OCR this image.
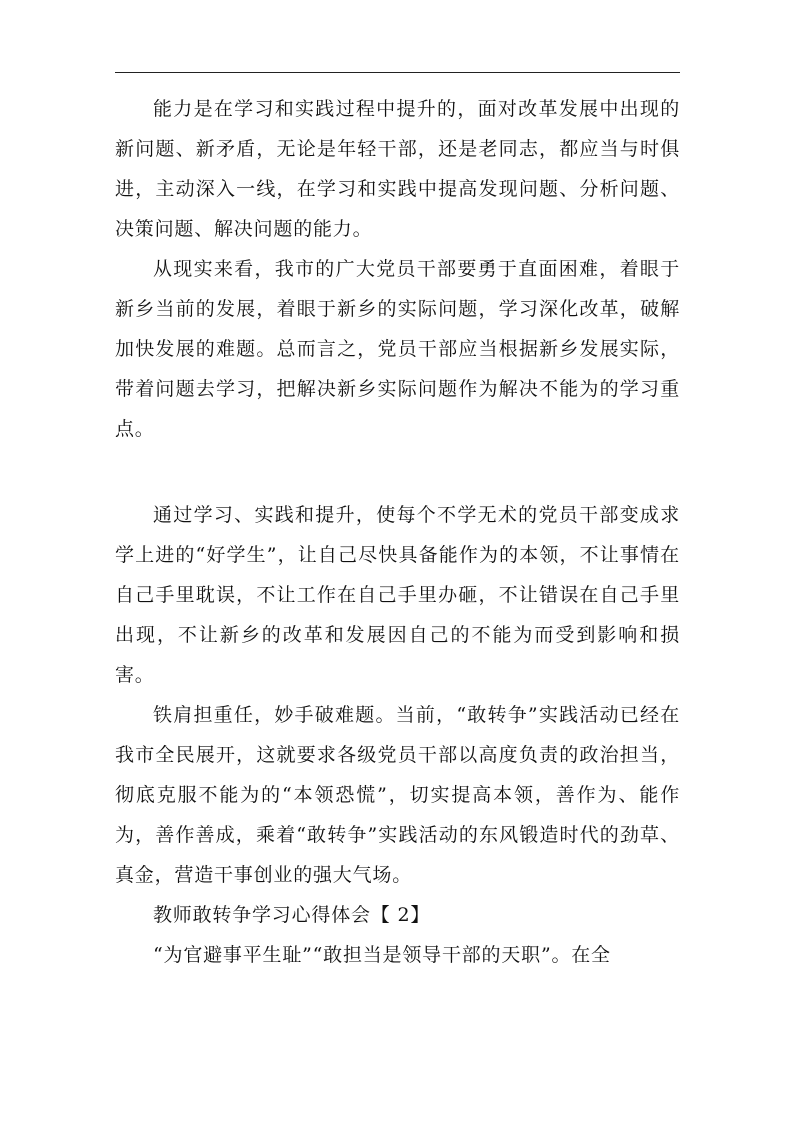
能力是在学习和实践过程中提升的，面对改革发展中出现的新问题、新矛盾，无论是年轻干部，还是老同志，都应当与时俱进，主动深入一线，在学习和实践中提高发现问题、分析问题、决策问题、解决问题的能力。

从现实来看，我市的广大党员干部要勇于直面困难，着眼于新乡当前的发展，着眼于新乡的实际问题，学习深化改革，破解加快发展的难题。总而言之，党员干部应当根据新乡发展实际，带着问题去学习，把解决新乡实际问题作为解决不能为的学习重点。

通过学习、实践和提升，使每个不学无术的党员干部变成求学上进的“好学生”，让自己尽快具备能作为的本领，不让事情在自己手里耽误，不让工作在自己手里办砸，不让错误在自己手里出现，不让新乡的改革和发展因自己的不能为而受到影响和损害。

铁肩担重任，妙手破难题。当前，“敢转争”实践活动已经在我市全民展开，这就要求各级党员干部以高度负责的政治担当，彻底克服不能为的“本领恐慌”，切实提高本领，善作为、能作为，善作善成，乘着“敢转争”实践活动的东风锻造时代的劲草、真金，营造干事创业的强大气场。

教师敢转争学习心得体会【 2】

“为官避事平生耻”“敢担当是领导干部的天职”。在全
